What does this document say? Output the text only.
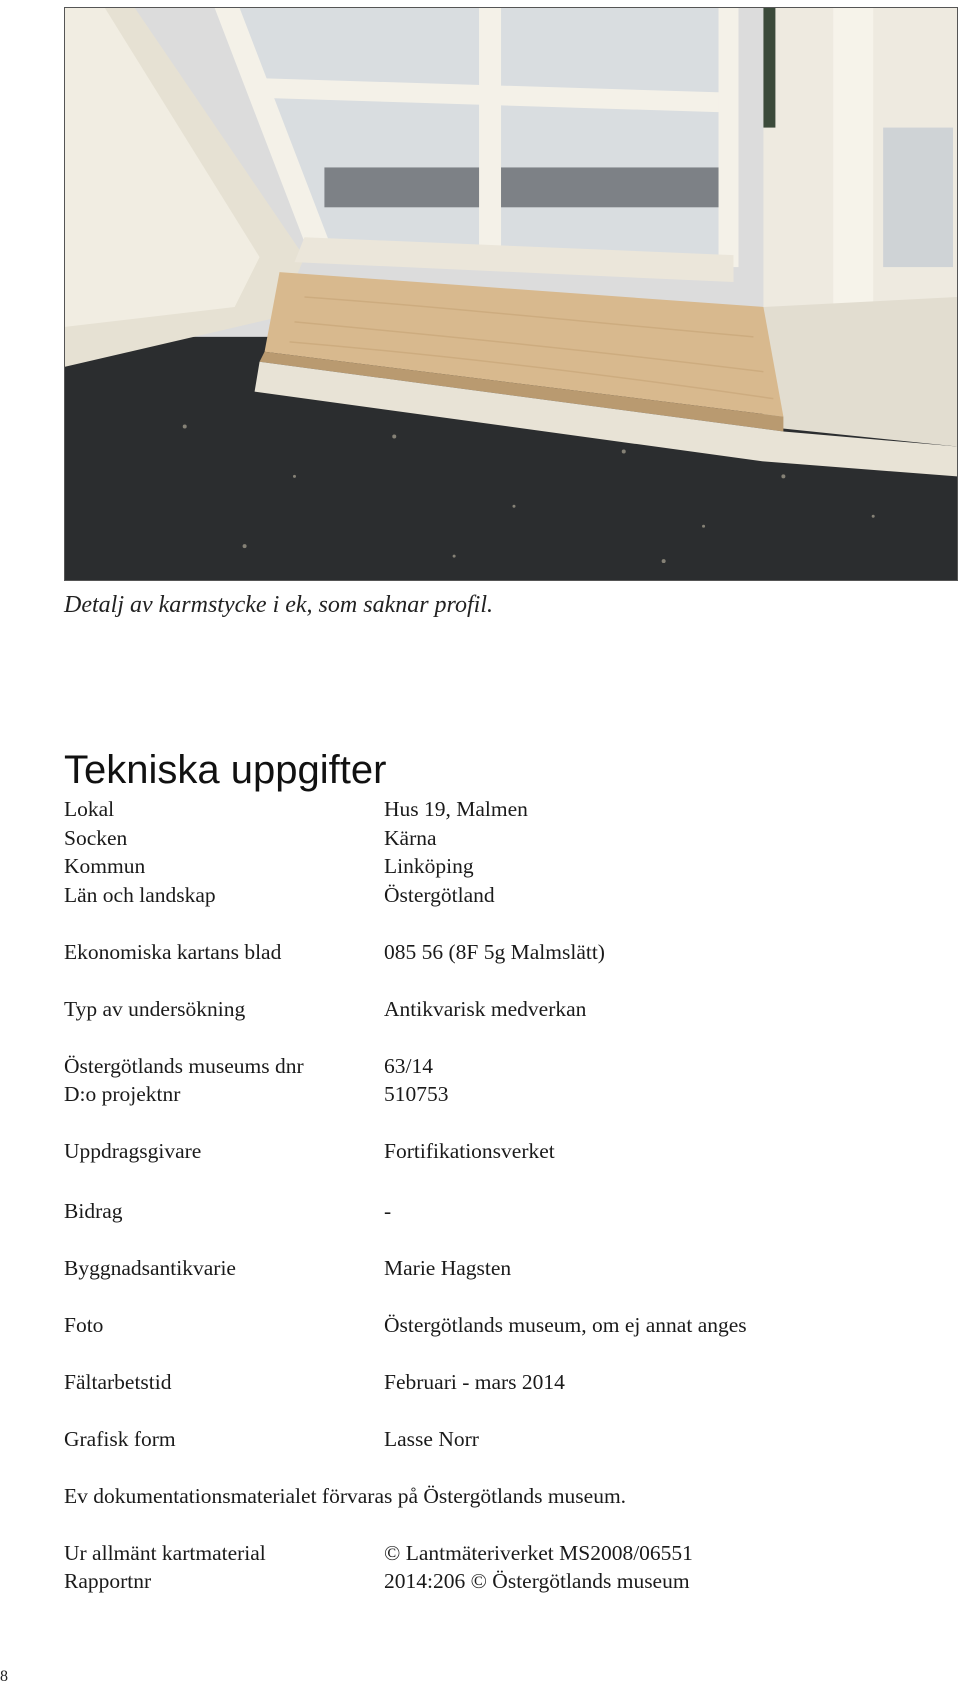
Detalj av karmstycke i ek, som saknar profil.
Tekniska uppgifter
Lokal	Hus 19, Malmen
Socken	Kärna
Kommun	Linköping
Län och landskap	Östergötland
Ekonomiska kartans blad	085 56 (8F 5g Malmslätt)
Typ av undersökning	Antikvarisk medverkan
Östergötlands museums dnr	63/14
D:o projektnr	510753
Uppdragsgivare	Fortifikationsverket
Bidrag	-
Byggnadsantikvarie	Marie Hagsten
Foto	Östergötlands museum, om ej annat anges
Fältarbetstid	Februari - mars 2014
Grafisk form	Lasse Norr
Ev dokumentationsmaterialet förvaras på Östergötlands museum.
Ur allmänt kartmaterial	© Lantmäteriverket MS2008/06551
Rapportnr	2014:206 © Östergötlands museum
8
